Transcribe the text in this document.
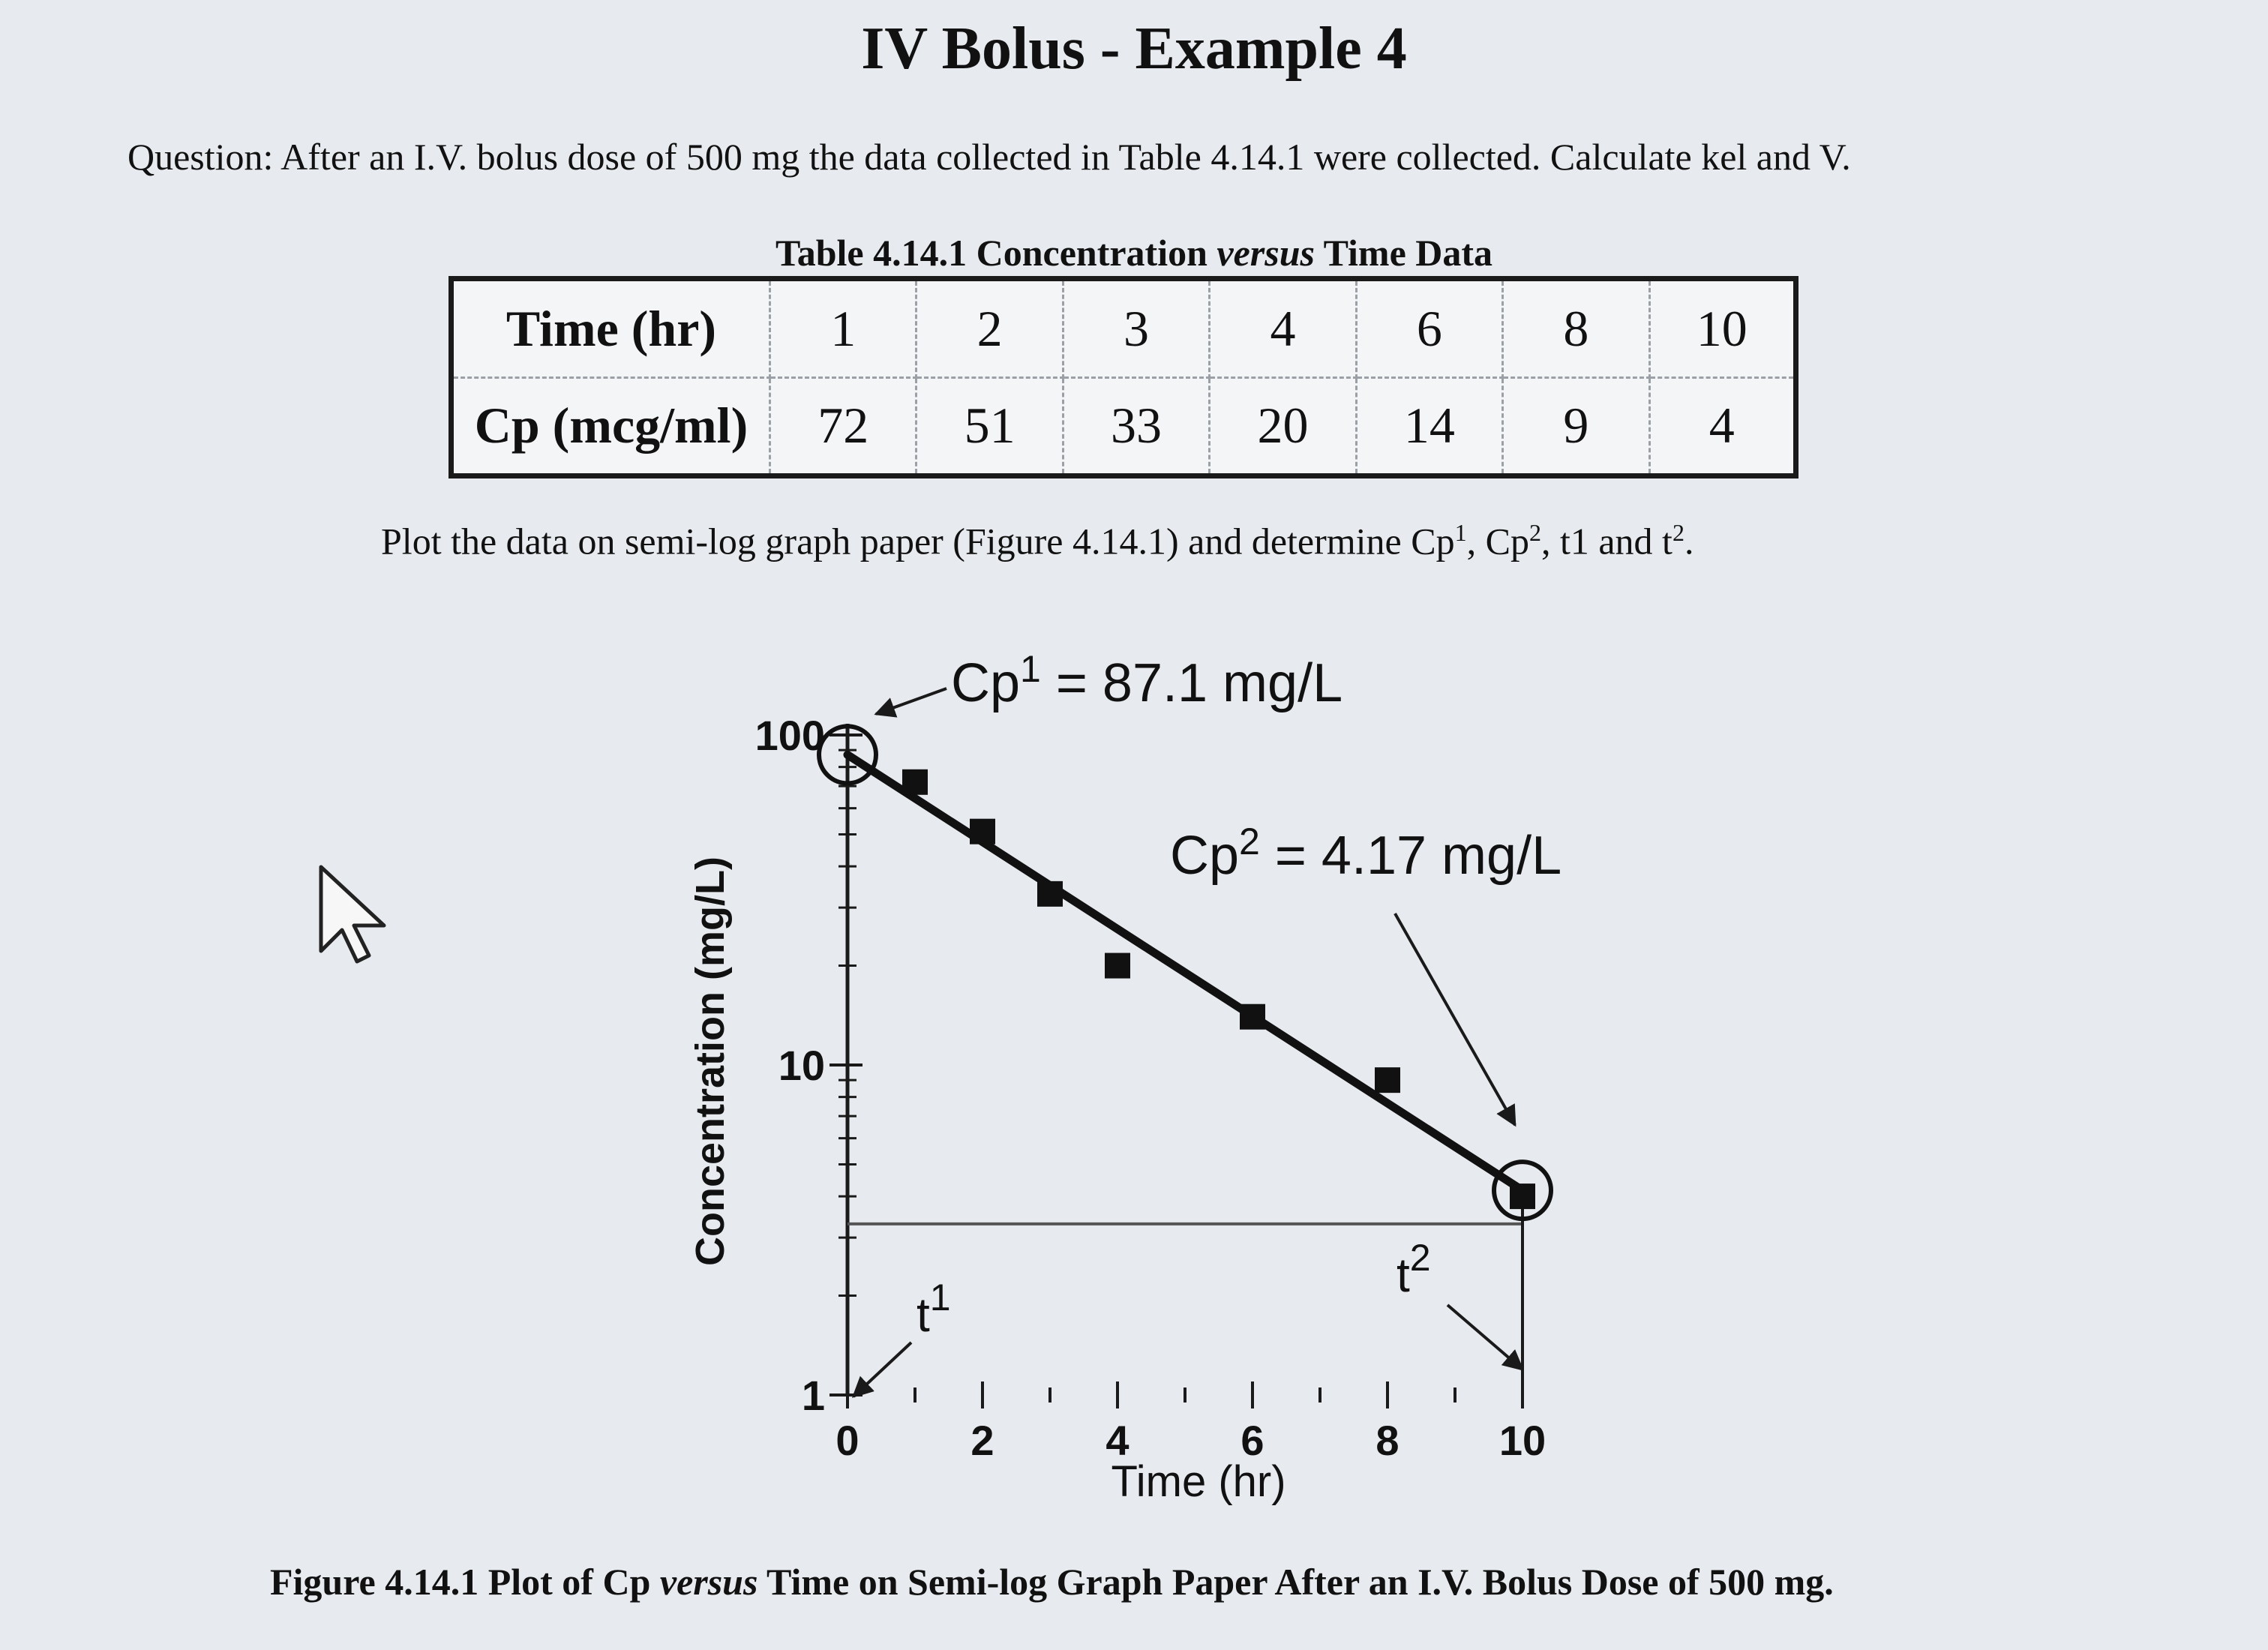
IV Bolus - Example 4
Question: After an I.V. bolus dose of 500 mg the data collected in Table 4.14.1 were collected. Calculate kel and V.
Table 4.14.1 Concentration versus Time Data
Time (hr)	1	2	3	4	6	8	10
Cp (mcg/ml)	72	51	33	20	14	9	4
Plot the data on semi-log graph paper (Figure 4.14.1) and determine Cp$^1$, Cp$^2$, t1 and $t^2$.
1
10
100
0	2	4	6	8 10
$Cp^1 = 87.1$ mg/L
$Cp^2 = 4.17$ mg/L
$t^1$	$t^2$
Time (hr)
Concentration (mg/L)
Figure 4.14.1 Plot of Cp versus Time on Semi-log Graph Paper After an I.V. Bolus Dose of 500 mg.
